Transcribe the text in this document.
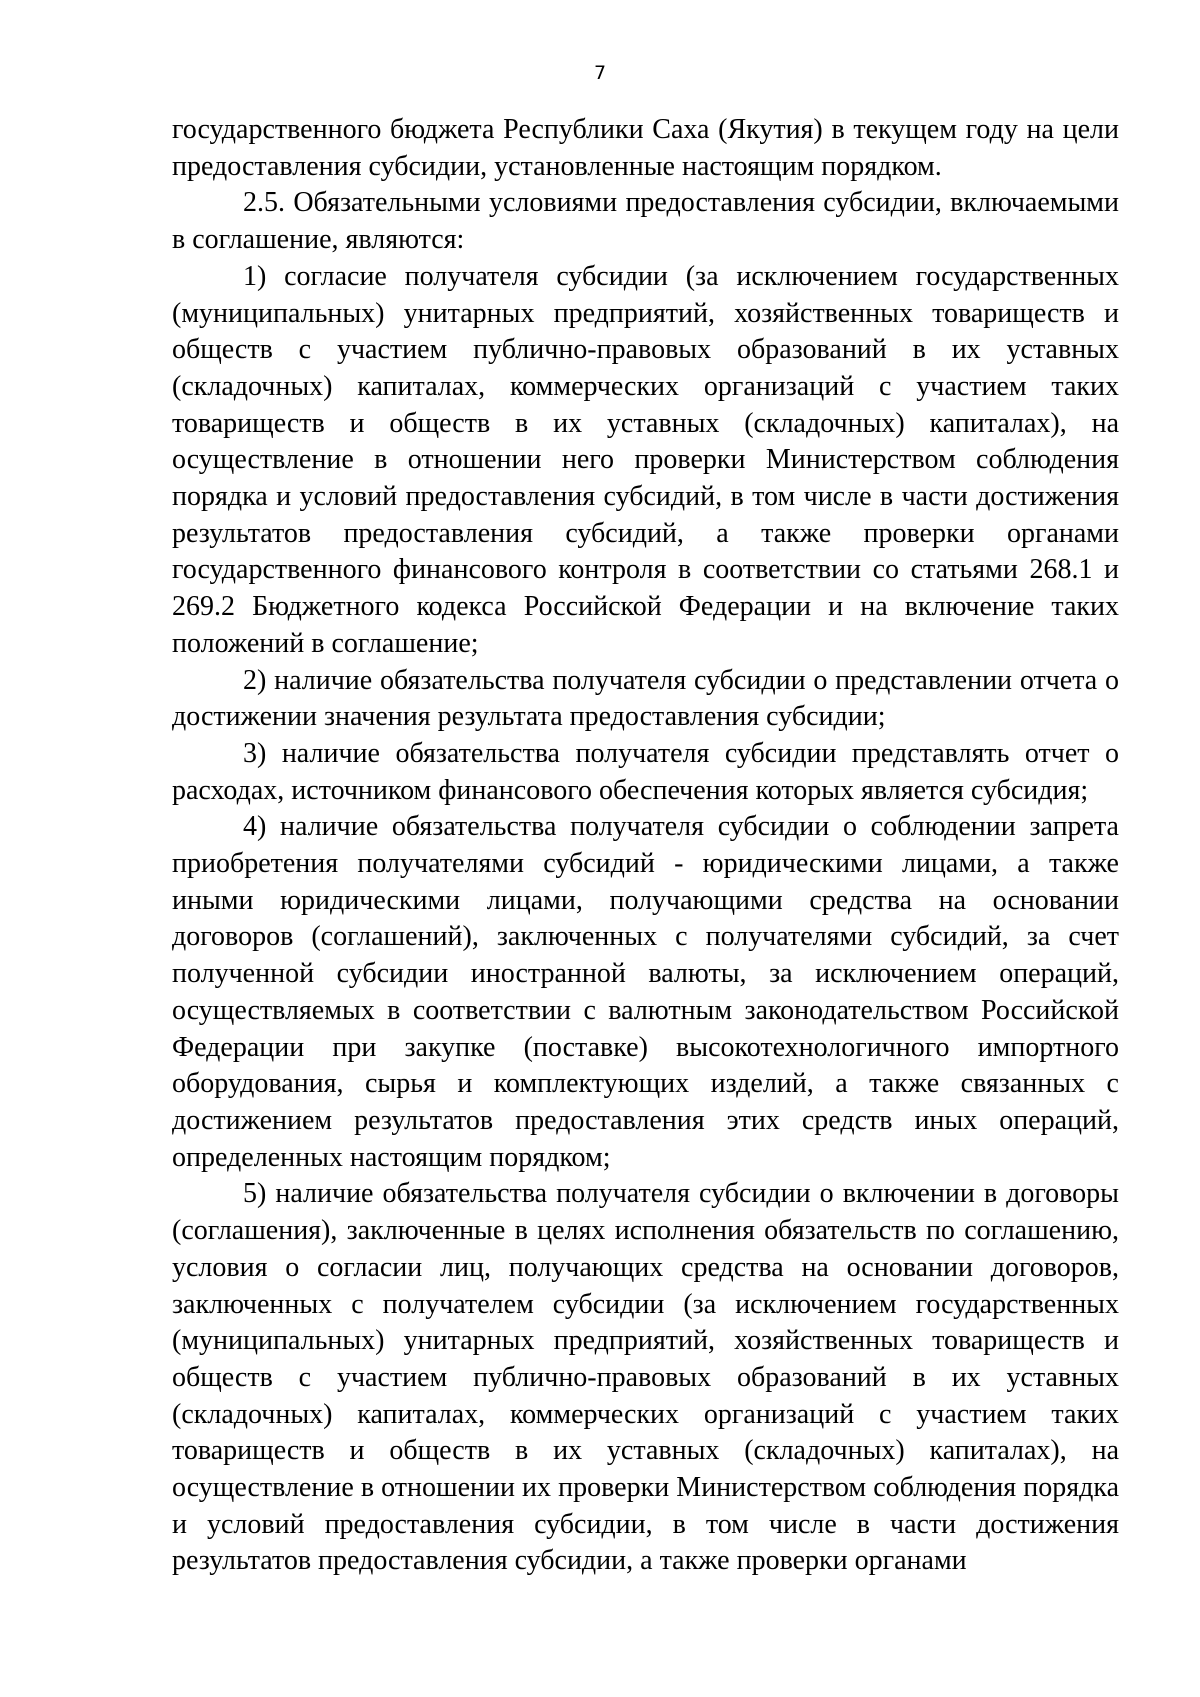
7

государственного бюджета Республики Саха (Якутия) в текущем году на цели предоставления субсидии, установленные настоящим порядком.

2.5. Обязательными условиями предоставления субсидии, включаемыми в соглашение, являются:

1) согласие получателя субсидии (за исключением государственных (муниципальных) унитарных предприятий, хозяйственных товариществ и обществ с участием публично-правовых образований в их уставных (складочных) капиталах, коммерческих организаций с участием таких товариществ и обществ в их уставных (складочных) капиталах), на осуществление в отношении него проверки Министерством соблюдения порядка и условий предоставления субсидий, в том числе в части достижения результатов предоставления субсидий, а также проверки органами государственного финансового контроля в соответствии со статьями 268.1 и 269.2 Бюджетного кодекса Российской Федерации и на включение таких положений в соглашение;

2) наличие обязательства получателя субсидии о представлении отчета о достижении значения результата предоставления субсидии;

3) наличие обязательства получателя субсидии представлять отчет о расходах, источником финансового обеспечения которых является субсидия;

4) наличие обязательства получателя субсидии о соблюдении запрета приобретения получателями субсидий - юридическими лицами, а также иными юридическими лицами, получающими средства на основании договоров (соглашений), заключенных с получателями субсидий, за счет полученной субсидии иностранной валюты, за исключением операций, осуществляемых в соответствии с валютным законодательством Российской Федерации при закупке (поставке) высокотехнологичного импортного оборудования, сырья и комплектующих изделий, а также связанных с достижением результатов предоставления этих средств иных операций, определенных настоящим порядком;

5) наличие обязательства получателя субсидии о включении в договоры (соглашения), заключенные в целях исполнения обязательств по соглашению, условия о согласии лиц, получающих средства на основании договоров, заключенных с получателем субсидии (за исключением государственных (муниципальных) унитарных предприятий, хозяйственных товариществ и обществ с участием публично-правовых образований в их уставных (складочных) капиталах, коммерческих организаций с участием таких товариществ и обществ в их уставных (складочных) капиталах), на осуществление в отношении их проверки Министерством соблюдения порядка и условий предоставления субсидии, в том числе в части достижения результатов предоставления субсидии, а также проверки органами
